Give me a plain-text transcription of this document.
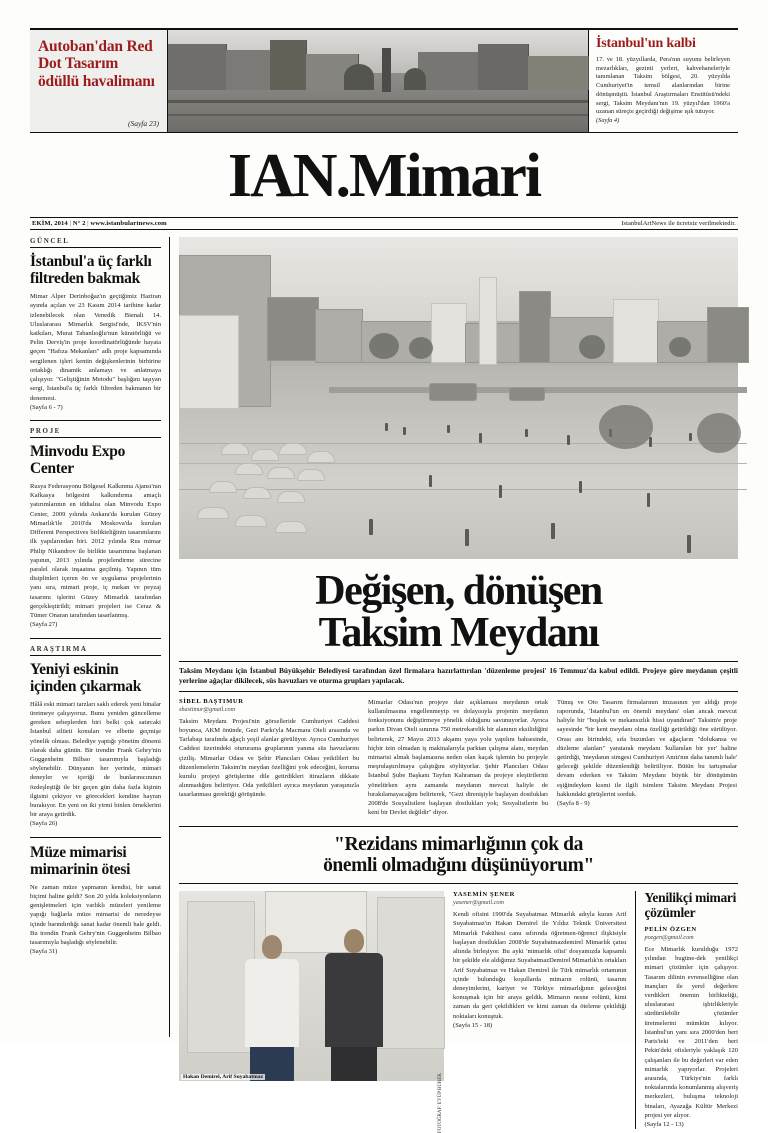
Autoban'dan Red Dot Tasarım ödüllü havalimanı
(Sayfa 23)
İstanbul'un kalbi

17. ve 18. yüzyıllarda, Pera'nın suyunu belirleyen mezarlıkları, gezinti yerleri, kahvehaneleriyle tanımlanan Taksim bölgesi, 20. yüzyılda Cumhuriyet'in temsil alanlarından birine dönüşmüştü. İstanbul Araştırmaları Enstitüsü'ndeki sergi, Taksim Meydanı'nın 19. yüzyıl'dan 1960'a uzanan süreçte geçirdiği değişime ışık tutuyor.

(Sayfa 4)

IAN.Mimari
EKİM, 2014 | N° 2 | www.istanbulartnews.com	IstanbulArtNews ile ücretsiz verilmektedir.
GÜNCEL
İstanbul'a üç farklı filtreden bakmak

Mimar Alper Derinboğaz'ın geçtiğimiz Haziran ayında açılan ve 23 Kasım 2014 tarihine kadar izlenebilecek olan Venedik Bienali 14. Uluslararası Mimarlık Sergisi'nde, IKSV'nin katkıları, Murat Tabanlıoğlu'nun küratörlüğü ve Pelin Derviş'in proje koordinatörlüğünde hayata geçen "Hafıza Mekanları" adlı proje kapsamında sergilenen işleri kentin değişkenlerinin birbirine ortaklığı dinamik anlamayı ve anlatmaya çalışıyor. "Geliştiğinin Metodu" başlığını taşıyan sergi, İstanbul'a üç farklı filtreden bakmanın bir denemesi.

(Sayfa 6 - 7)

PROJE
Minvodu Expo Center

Rusya Federasyonu Bölgesel Kalkınma Ajansı'nın Kafkasya bölgesini kalkındırma amaçlı yatırımlarının en iddialısı olan Minvodu Expo Center, 2009 yılında Ankara'da kurulan Güzey Mimarlık'ile 2010'da Moskova'da kurulan Different Perspectives birlikteliğinin tasarımlarını ilk yapılarından biri. 2012 yılında Rus mimar Philip Nikandrov ile birlikte tasarımına başlanan yapının, 2013 yılında projelendirme sürecine paralel olarak inşaatına geçilmiş. Yapının tüm disiplinleri içeren ön ve uygulama projelerinin yanı sıra, mimari proje, iç mekan ve peyzaj tasarımı işlerini Güzey Mimarlık tarafından gerçekleştirildi; mimari projeleri ise Ceraz & Tümer Onaran tarafından tasarlanmış.

(Sayfa 27)

ARAŞTIRMA
Yeniyi eskinin içinden çıkarmak

Hâlâ eski mimari tarzları saklı ederek yeni binalar üretmeye çalışıyoruz. Bunu yeniden güncelleme gereken sebeplerden biri belki çok satırcaki İstanbul silüeti konuları ve elbette geçmişe yönelik olması. Belediye yaptığı yönetim dönemi olarak daha günün. Bir trendin Frank Gehry'nin Guggenheim Bilbao tasarımıyla başladığı söylenebilir. Dünyanın her yerinde, mimari deneyler ve içeriği de bunlarınıcınının özdeşleştiği ile bir geçen gün daha fazla kişinin ilgisini çekiyor ve görecekleri kendine hayran burakıyor. En yeni on iki yirmi binlen örneklerini bir araya getirdik.

(Sayfa 26)

Müze mimarisi mimarinin ötesi

Ne zaman müze yapmanın kendisi, bir sanat biçimi haline geldi? Son 20 yılda koleksiyonların genişletmeleri için varlıklı müzeleri yenileme yapığı bağlarla müze mimarisi de neredeyse içinde barındırdığı sanat kadar önemli hale geldi. Bu trendin Frank Gehry'nin Guggenheim Bilbao tasarımıyla başladığı söylenebilir.

(Sayfa 31)

Değişen, dönüşen
Taksim Meydanı
Taksim Meydanı için İstanbul Büyükşehir Belediyesi tarafından özel firmalara hazırlattırılan 'düzenleme projesi' 16 Temmuz'da kabul edildi. Projeye göre meydanın çeşitli yerlerine ağaçlar dikilecek, süs havuzları ve oturma grupları yapılacak.
SİBEL BAŞTIMUR
sbastimur@gmail.com

Taksim Meydanı Projesi'nin görselleride Cumhuriyet Caddesi boyunca, AKM önünde, Gezi Parkı'yla Macmara Oteli arasında ve Tarlabaşı tarafında ağaçlı yeşil alanlar görülüyor. Ayrıca Cumhuriyet Caddesi üzerindeki otururama gruplarının yanına süs havuzlarını çiziliş. Mimarlar Odası ve Şehir Plancıları Odası yetkilileri bu düzenlemelerin Taksim'in meydan özelliğini yok edeceğini, koruma kurulu projeyi görüşlerine dile getirdikleri itirazların dikkate alınmadığını belirtiyor. Oda yetkilileri ayrıca meydanın yaraşınızla tasarlanması gerektiği görüşünde.

Mimarlar Odası'nın projeye dair açıklaması meydanın ortak kullanılmasına engellenmeyip ve dolayısıyla projenin meydanın fonksiyonunu değiştirmeye yönelik olduğunu savunuyorlar. Ayrıca parkın Divan Oteli sınırına 750 metrekarelik bir alanının eksilidiğini belirterek, 27 Mayıs 2013 akşamı yaya yolu yapılını bahsesinde, hiçbir izin olmadan iş makinalarıyla parktan çalışma alanı, meydan mimarisi almak başlamasına neden olan kaçak işlemin bu projeyle meşrulaştırılmaya çalıştığını söylüyorlar. Şehir Plancıları Odası İstanbul Şube Başkanı Tayfun Kahraman da projeye eleştirilerini yöneltirken aynı zamanda meydanın mevcut haliyle de bırakılamayacağını belirterek, "Gezi direnişiyle başlayan dostlukları 2008'de Sosyalistlere başlayan dostlukları yok; Sosyalistlerin bu kent bir Devlet değildir" diyor.

Tünuş ve Oto Tasarım firmalarının imzasının yer aldığı proje raporunda, 'İstanbul'un en önemli meydanı' olan ancak mevcut haliyle bir "boşluk ve mekansızlık hissi uyandıran" Taksim'e proje sayesinde "bir kent meydanı olma özelliği getirildiği öne sürülüyor. Orası anı birindeki, sıfa buzunları ve ağaçların "dolukansa ve düzleme alanları" yaratarak meydanı 'kullanılan bir yer' haline getirdiği, 'meydanın simgesi Cumhuriyet Anıtı'nın daha tanımlı hale' geleceği şekilde düzenlendiği belirtiliyor. Bütün bu tartışmalar devam ederken ve Taksim Meydanı büyük bir dönüşümün eşiğindeyken kısmi ile ilgili isimlere Taksim Meydanı Projesi hakkındaki görüşlerini sorduk.

(Sayfa 8 - 9)

"Rezidans mimarlığının çok da
önemli olmadığını düşünüyorum"
Hakan Demirel, Arif Suyabatmaz	FOTOĞRAF: EYÜP BÜREK
YASEMİN ŞENER
yasener@gmail.com

Kendi ofisini 1990'da Suyabatmaz Mimarlık adıyla kuran Arif Suyabatmaz'ın Hakan Demirel ile Yıldız Teknik Üniversitesi Mimarlık Fakültesi canu sıfırında öğretmen-öğrenci ilişkisiyle başlayan dostlukları 2008'de Suyabatmazdemirel Mimarlık çatısı altında birleşiyor. Bu ayki 'mimarlık ofisi' dosyamızda kapsamlı bir şekilde ele aldığımız SuyabatmazDemirel Mimarlık'ın ortakları Arif Suyabatmaz ve Hakan Demirel ile Türk mimarlık ortamının içinde bulunduğu koşullarda mimarın rolünü, tasarım deneyimlerini, kariyer ve Türkiye mimarlığının geleceğini konuşmak için bir araya geldik. Mimarın nesne rolünü, kimi zaman da geri çekildikleri ve kimi zaman da öteleme çekildiği noktaları konuştuk.

(Sayfa 15 - 18)

Yenilikçi mimari çözümler
PELİN ÖZGEN
pozgen@gmail.com

Ece Mimarlık kurulduğu 1972 yılından bugüne-dek yenilikçi mimari çözümler için çalışıyor. Tasarım dilinin evrenselliğine olan inançları ile yerel değerlere verdikleri önemin birlikteliği, uluslararası işbirlikleriyle sürdürülebilir çözümler üretmelerini mümkün kılıyor. İstanbul'un yanı sıra 2000'den beri Paris'teki ve 2011'den beri Pekin'deki ofisleriyle yaklaşık 120 çalışanları ile bu değerleri var eden mimarlık yapıyorlar. Projeleri arasında, Türkiye'nin farklı noktalarında konumlanmış alışveriş merkezleri, buluşma teknoloji binaları, Ayazağa Kültür Merkezi projesi yer alıyor.

(Sayfa 12 - 13)
